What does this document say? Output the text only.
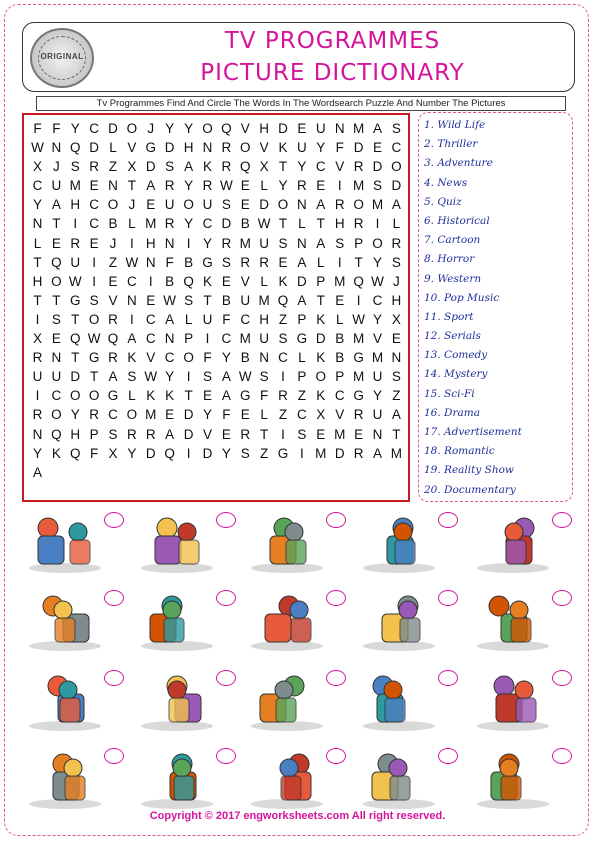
ORIGINAL
TV PROGRAMMES
PICTURE DICTIONARY
Tv Programmes Find And Circle The Words In The Wordsearch Puzzle And Number The Pictures
F F Y C D O J Y Y O Q V H D E U N M A S
W N Q D L V G D H N R O V K U Y F D E C
X J S R Z X D S A K R Q X T Y C V R D O
C U M E N T A R Y R W E L Y R E I M S D
Y A H C O J E U O U S E D O N A R O M A
N T I C B L M R Y C D B W T L T H R I L
L E R E J	I H N I Y R M U S N A S P O R
T Q U I Z W N F B G S R R E A L I T Y S
H O W I E C I B Q K E V L K D P M Q W J
T T G S V N E W S T B U M Q A T E I C H
I S T O R I C A L U F C H Z P K L W Y X
X E Q W Q A C N P I C M U S G D B M V E
R N T G R K V C O F Y B N C L K B G M N
U U D T A S W Y I S A W S I P O P M U S
I C O O G L K K T E A G F R Z K C G Y Z
R O Y R C O M E D Y F E L Z C X V R U A
N Q H P S R R A D V E R T I S E M E N T
Y K Q F X Y D Q I D Y S Z G I M D R A M
A
1. Wild Life
2. Thriller
3. Adventure
4. News
5. Quiz
6. Historical
7. Cartoon
8. Horror
9. Western
10. Pop Music
11. Sport
12. Serials
13. Comedy
14. Mystery
15. Sci-Fi
16. Drama
17. Advertisement
18. Romantic
19. Reality Show
20. Documentary
Copyright © 2017 engworksheets.com All right reserved.
